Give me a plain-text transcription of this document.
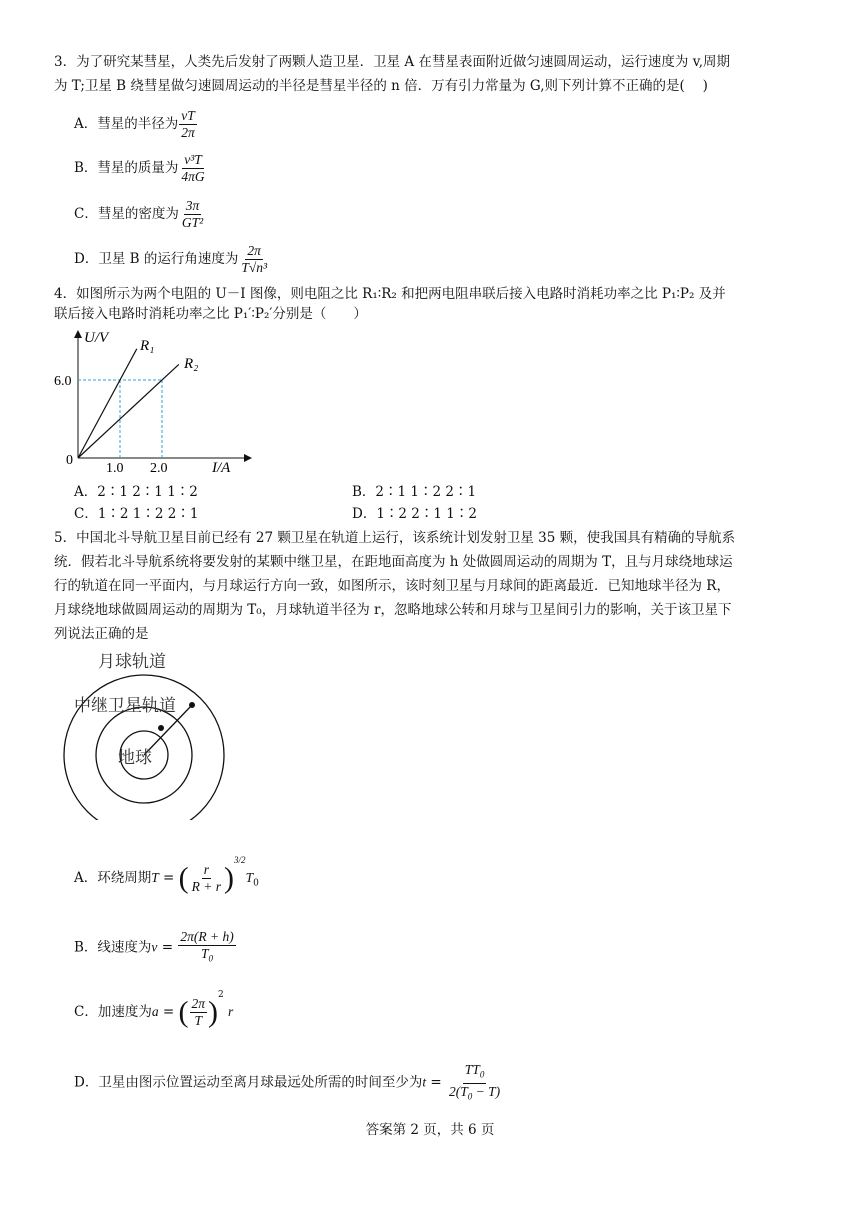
3．为了研究某彗星，人类先后发射了两颗人造卫星．卫星 A 在彗星表面附近做匀速圆周运动，运行速度为 v,周期
为 T;卫星 B 绕彗星做匀速圆周运动的半径是彗星半径的 n 倍．万有引力常量为 G,则下列计算不正确的是(　 )
A．彗星的半径为 $\frac{vT}{2\pi}$
B．彗星的质量为 $\frac{\text{v³T}}{4\pi G}$
C．彗星的密度为 $\frac{3\pi}{\text{GT²}}$
D．卫星 B 的运行角速度为 $\frac{2\pi}{\text{T√n³}}$
4．如图所示为两个电阻的 U－I 图像，则电阻之比 R₁∶R₂ 和把两电阻串联后接入电路时消耗功率之比 P₁∶P₂ 及并
联后接入电路时消耗功率之比 P₁′∶P₂′分别是（　　）
U/V
I/A
R₁
R₂
6.0
0
1.0 2.0
A．2∶1 2∶1 1∶2	B．2∶1 1∶2 2∶1
C．1∶2 1∶2 2∶1	D．1∶2 2∶1 1∶2
5．中国北斗导航卫星目前已经有 27 颗卫星在轨道上运行，该系统计划发射卫星 35 颗，使我国具有精确的导航系
统．假若北斗导航系统将要发射的某颗中继卫星，在距地面高度为 h 处做圆周运动的周期为 T，且与月球绕地球运
行的轨道在同一平面内，与月球运行方向一致，如图所示，该时刻卫星与月球间的距离最近．已知地球半径为 R，
月球绕地球做圆周运动的周期为 T₀，月球轨道半径为 r，忽略地球公转和月球与卫星间引力的影响，关于该卫星下
列说法正确的是
月球轨道
中继卫星轨道
地球
A．环绕周期T = ( $\frac{r}{R + r} )^{3/2}T_0$
B．线速度为$v = \frac{2\pi(R + h)}{T_0}$
C．加速度为a = ( $\frac{2\pi}{T} )^2$ r
D．卫星由图示位置运动至离月球最远处所需的时间至少为$t = \frac{TT_0}{2(T_0 - T)}$
答案第 2 页，共 6 页
